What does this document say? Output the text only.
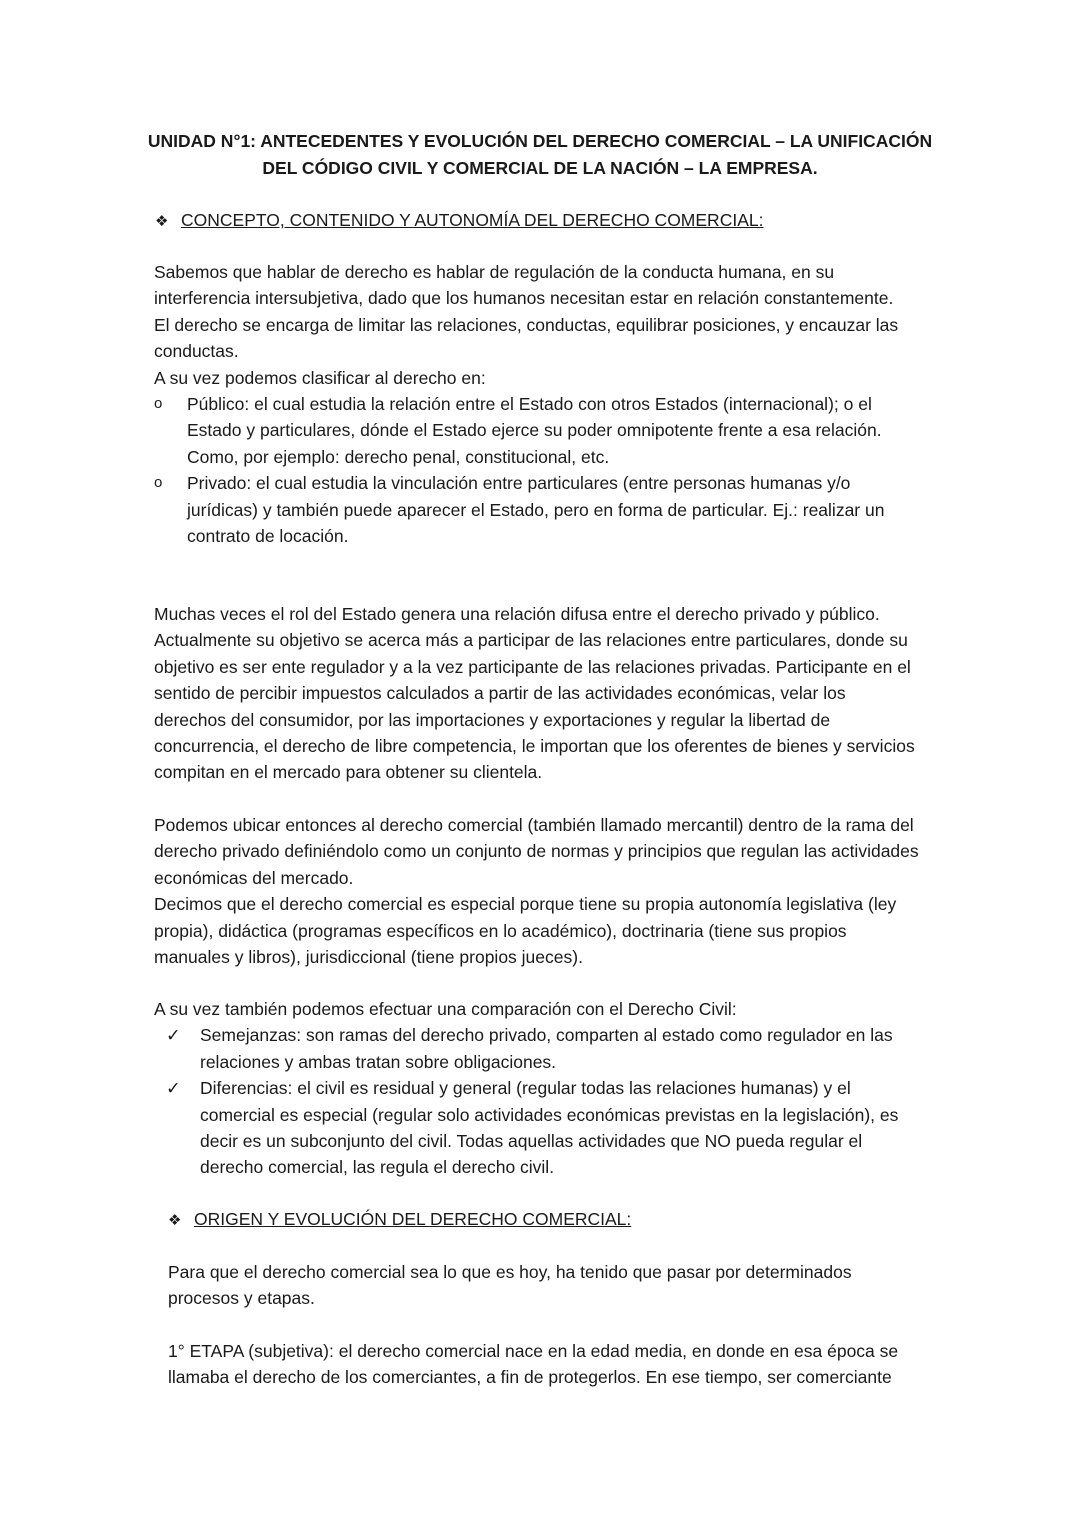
UNIDAD N°1: ANTECEDENTES Y EVOLUCIÓN DEL DERECHO COMERCIAL – LA UNIFICACIÓN
DEL CÓDIGO CIVIL Y COMERCIAL DE LA NACIÓN – LA EMPRESA.
❖ CONCEPTO, CONTENIDO Y AUTONOMÍA DEL DERECHO COMERCIAL:

Sabemos que hablar de derecho es hablar de regulación de la conducta humana, en su interferencia intersubjetiva, dado que los humanos necesitan estar en relación constantemente.

El derecho se encarga de limitar las relaciones, conductas, equilibrar posiciones, y encauzar las conductas.

A su vez podemos clasificar al derecho en:

o Público: el cual estudia la relación entre el Estado con otros Estados (internacional); o el Estado y particulares, dónde el Estado ejerce su poder omnipotente frente a esa relación. Como, por ejemplo: derecho penal, constitucional, etc.
o Privado: el cual estudia la vinculación entre particulares (entre personas humanas y/o jurídicas) y también puede aparecer el Estado, pero en forma de particular. Ej.: realizar un contrato de locación.

Muchas veces el rol del Estado genera una relación difusa entre el derecho privado y público. Actualmente su objetivo se acerca más a participar de las relaciones entre particulares, donde su objetivo es ser ente regulador y a la vez participante de las relaciones privadas. Participante en el sentido de percibir impuestos calculados a partir de las actividades económicas, velar los derechos del consumidor, por las importaciones y exportaciones y regular la libertad de concurrencia, el derecho de libre competencia, le importan que los oferentes de bienes y servicios compitan en el mercado para obtener su clientela.

Podemos ubicar entonces al derecho comercial (también llamado mercantil) dentro de la rama del derecho privado definiéndolo como un conjunto de normas y principios que regulan las actividades económicas del mercado.

Decimos que el derecho comercial es especial porque tiene su propia autonomía legislativa (ley propia), didáctica (programas específicos en lo académico), doctrinaria (tiene sus propios manuales y libros), jurisdiccional (tiene propios jueces).

A su vez también podemos efectuar una comparación con el Derecho Civil:

✓ Semejanzas: son ramas del derecho privado, comparten al estado como regulador en las relaciones y ambas tratan sobre obligaciones.
✓ Diferencias: el civil es residual y general (regular todas las relaciones humanas) y el comercial es especial (regular solo actividades económicas previstas en la legislación), es decir es un subconjunto del civil. Todas aquellas actividades que NO pueda regular el derecho comercial, las regula el derecho civil.
❖ ORIGEN Y EVOLUCIÓN DEL DERECHO COMERCIAL:

Para que el derecho comercial sea lo que es hoy, ha tenido que pasar por determinados procesos y etapas.

1° ETAPA (subjetiva): el derecho comercial nace en la edad media, en donde en esa época se llamaba el derecho de los comerciantes, a fin de protegerlos. En ese tiempo, ser comerciante
